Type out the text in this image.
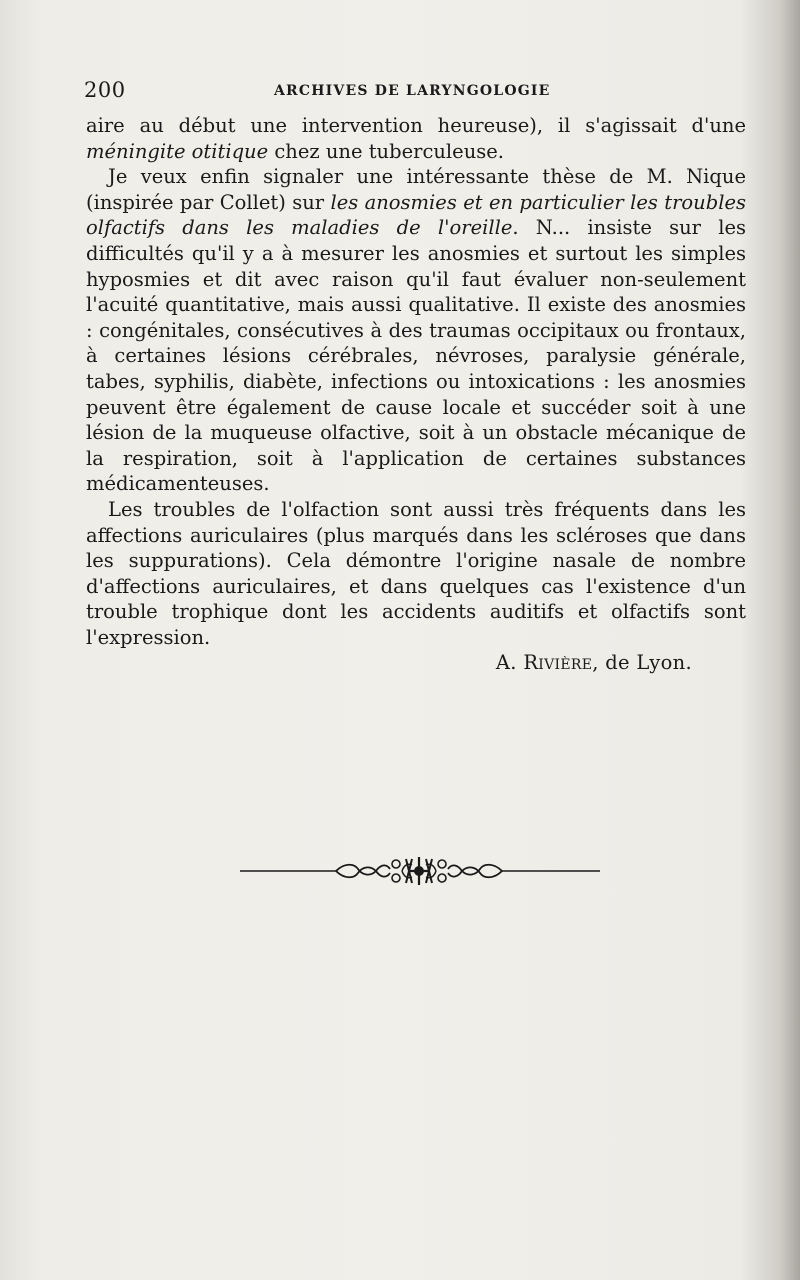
200	ARCHIVES DE LARYNGOLOGIE

aire au début une intervention heureuse), il s'agissait d'une méningite otitique chez une tuberculeuse.

Je veux enfin signaler une intéressante thèse de M. Nique (inspirée par Collet) sur les anosmies et en particulier les troubles olfactifs dans les maladies de l'oreille. N... insiste sur les difficultés qu'il y a à mesurer les anosmies et surtout les simples hyposmies et dit avec raison qu'il faut évaluer non-seulement l'acuité quantitative, mais aussi qualitative. Il existe des anosmies : congénitales, consécutives à des traumas occipitaux ou frontaux, à certaines lésions cérébrales, névroses, paralysie générale, tabes, syphilis, diabète, infections ou intoxications : les anosmies peuvent être également de cause locale et succéder soit à une lésion de la muqueuse olfactive, soit à un obstacle mécanique de la respiration, soit à l'application de certaines substances médicamenteuses.

Les troubles de l'olfaction sont aussi très fréquents dans les affections auriculaires (plus marqués dans les scléroses que dans les suppurations). Cela démontre l'origine nasale de nombre d'affections auriculaires, et dans quelques cas l'existence d'un trouble trophique dont les accidents auditifs et olfactifs sont l'expression.

A. Rivière, de Lyon.
